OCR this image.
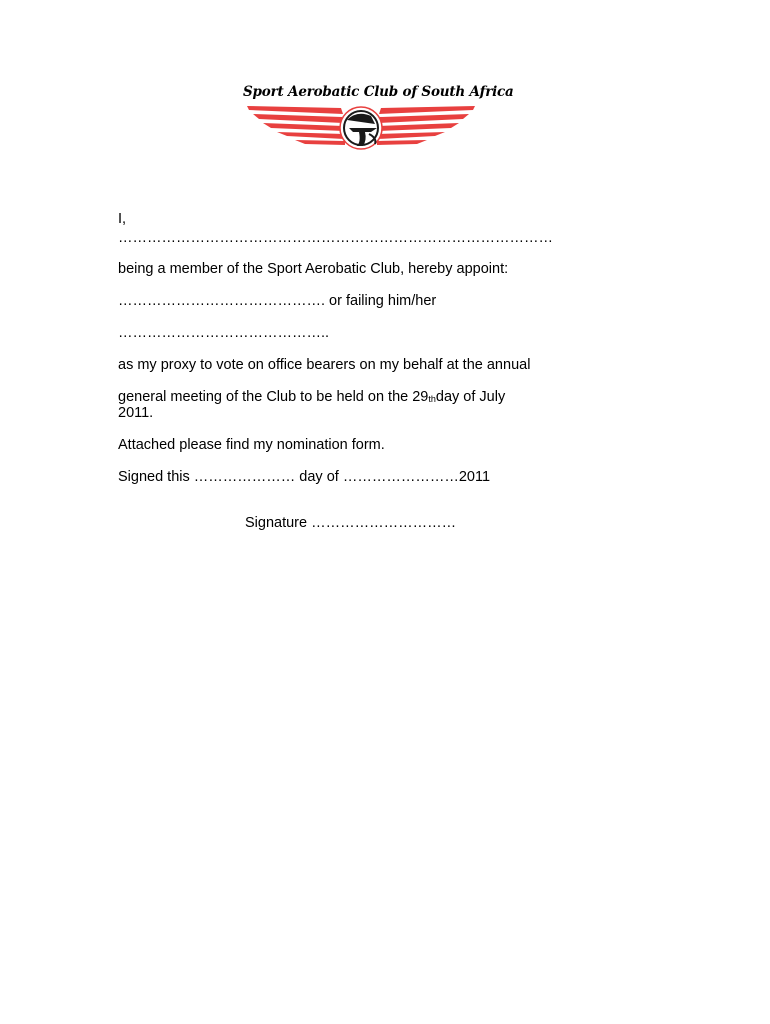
Sport Aerobatic Club of South Africa

I,

………………………………………………………………………………

being a member of the Sport Aerobatic Club, hereby appoint:

……………………………………. or failing him/her

……………………………………..

as my proxy to vote on office bearers on my behalf at the annual

general meeting of the Club to be held on the $29_{th}day$ of July

2011.

Attached please find my nomination form.

Signed this ………………… day of ……………………2011

Signature …………………………
